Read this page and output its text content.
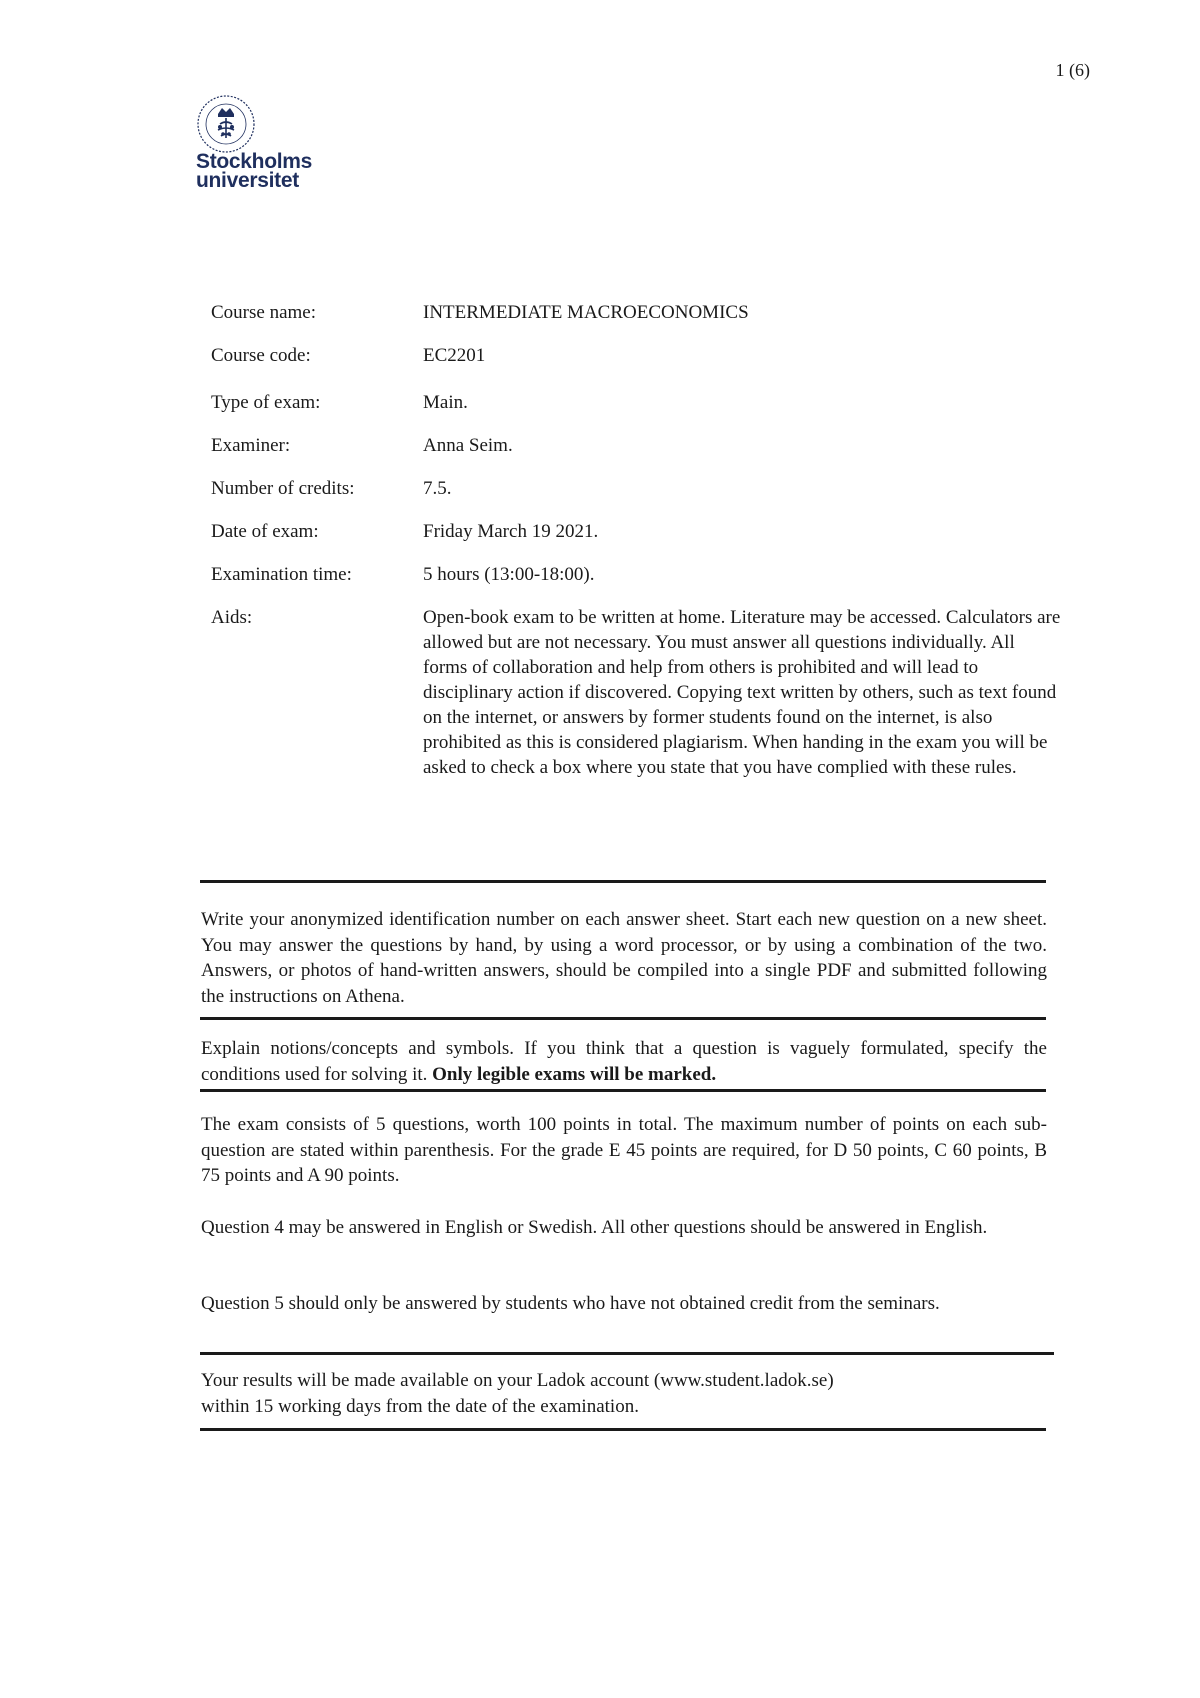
1 (6)
Stockholms
universitet
Course name:	INTERMEDIATE MACROECONOMICS
Course code:	EC2201
Type of exam:	Main.
Examiner:	Anna Seim.
Number of credits:	7.5.
Date of exam:	Friday March 19 2021.
Examination time:	5 hours (13:00-18:00).
Aids:	Open-book exam to be written at home. Literature may be accessed. Calculators are allowed but are not necessary. You must answer all questions individually. All forms of collaboration and help from others is prohibited and will lead to disciplinary action if discovered. Copying text written by others, such as text found on the internet, or answers by former students found on the internet, is also prohibited as this is considered plagiarism. When handing in the exam you will be asked to check a box where you state that you have complied with these rules.
Write your anonymized identification number on each answer sheet. Start each new question on a new sheet. You may answer the questions by hand, by using a word processor, or by using a combination of the two. Answers, or photos of hand-written answers, should be compiled into a single PDF and submitted following the instructions on Athena.
Explain notions/concepts and symbols. If you think that a question is vaguely formulated, specify the conditions used for solving it. Only legible exams will be marked.
The exam consists of 5 questions, worth 100 points in total. The maximum number of points on each sub-question are stated within parenthesis. For the grade E 45 points are required, for D 50 points, C 60 points, B 75 points and A 90 points.
Question 4 may be answered in English or Swedish. All other questions should be answered in English.
Question 5 should only be answered by students who have not obtained credit from the seminars.
Your results will be made available on your Ladok account (www.student.ladok.se)
within 15 working days from the date of the examination.
